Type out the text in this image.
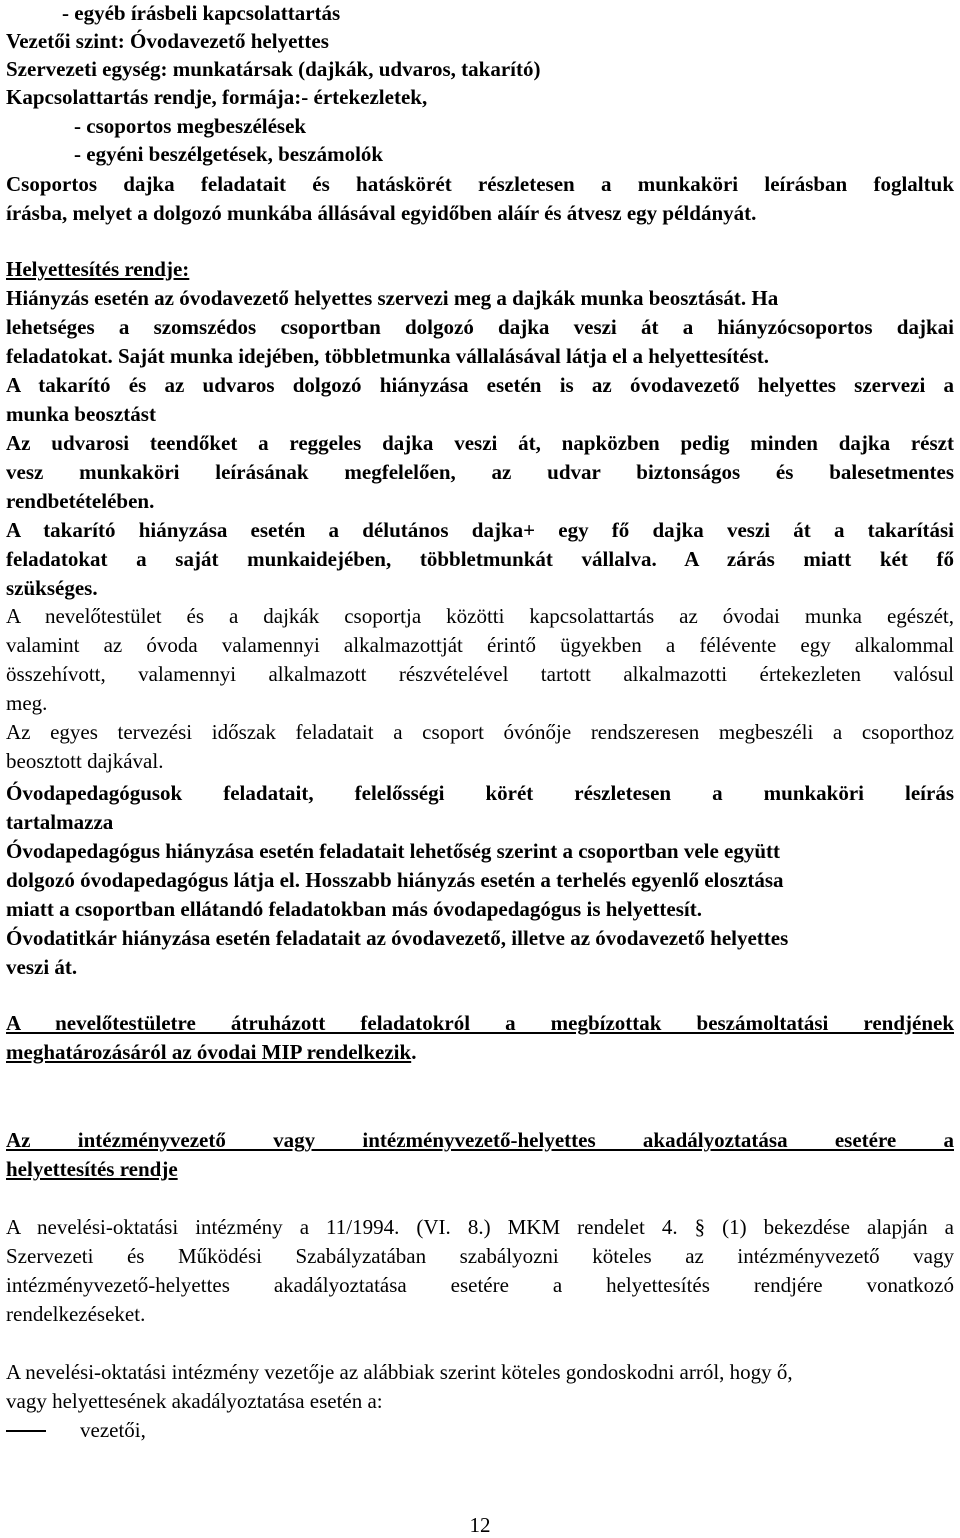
- egyéb írásbeli kapcsolattartás
Vezetői szint: Óvodavezető helyettes
Szervezeti egység: munkatársak (dajkák, udvaros, takarító)
Kapcsolattartás rendje, formája:- értekezletek,
- csoportos megbeszélések
- egyéni beszélgetések, beszámolók
Csoportos dajka feladatait és hatáskörét részletesen a munkaköri leírásban foglaltuk
írásba, melyet a dolgozó munkába állásával egyidőben aláír és átvesz egy példányát.
Helyettesítés rendje:
Hiányzás esetén az óvodavezető helyettes szervezi meg a dajkák munka beosztását. Ha
lehetséges a szomszédos csoportban dolgozó dajka veszi át a hiányzócsoportos dajkai
feladatokat. Saját munka idejében, többletmunka vállalásával látja el a helyettesítést.
A takarító és az udvaros dolgozó hiányzása esetén is az óvodavezető helyettes szervezi a
munka beosztást
Az udvarosi teendőket a reggeles dajka veszi át, napközben pedig minden dajka részt
vesz munkaköri leírásának megfelelően, az udvar biztonságos és balesetmentes
rendbetételében.
A takarító hiányzása esetén a délutános dajka+ egy fő dajka veszi át a takarítási
feladatokat a saját munkaidejében, többletmunkát vállalva. A zárás miatt két fő
szükséges.
A nevelőtestület és a dajkák csoportja közötti kapcsolattartás az óvodai munka egészét,
valamint az óvoda valamennyi alkalmazottját érintő ügyekben a félévente egy alkalommal
összehívott, valamennyi alkalmazott részvételével tartott alkalmazotti értekezleten valósul
meg.
Az egyes tervezési időszak feladatait a csoport óvónője rendszeresen megbeszéli a csoporthoz
beosztott dajkával.
Óvodapedagógusok feladatait, felelősségi körét részletesen a munkaköri leírás
tartalmazza
Óvodapedagógus hiányzása esetén feladatait lehetőség szerint a csoportban vele együtt
dolgozó óvodapedagógus látja el. Hosszabb hiányzás esetén a terhelés egyenlő elosztása
miatt a csoportban ellátandó feladatokban más óvodapedagógus is helyettesít.
Óvodatitkár hiányzása esetén feladatait az óvodavezető, illetve az óvodavezető helyettes
veszi át.
A nevelőtestületre átruházott feladatokról a megbízottak beszámoltatási rendjének
meghatározásáról az óvodai MIP rendelkezik.
Az intézményvezető vagy intézményvezető-helyettes akadályoztatása esetére a
helyettesítés rendje
A nevelési-oktatási intézmény a 11/1994. (VI. 8.) MKM rendelet 4. § (1) bekezdése alapján a
Szervezeti és Működési Szabályzatában szabályozni köteles az intézményvezető vagy
intézményvezető-helyettes akadályoztatása esetére a helyettesítés rendjére vonatkozó
rendelkezéseket.
A nevelési-oktatási intézmény vezetője az alábbiak szerint köteles gondoskodni arról, hogy ő,
vagy helyettesének akadályoztatása esetén a:
vezetői,
12
